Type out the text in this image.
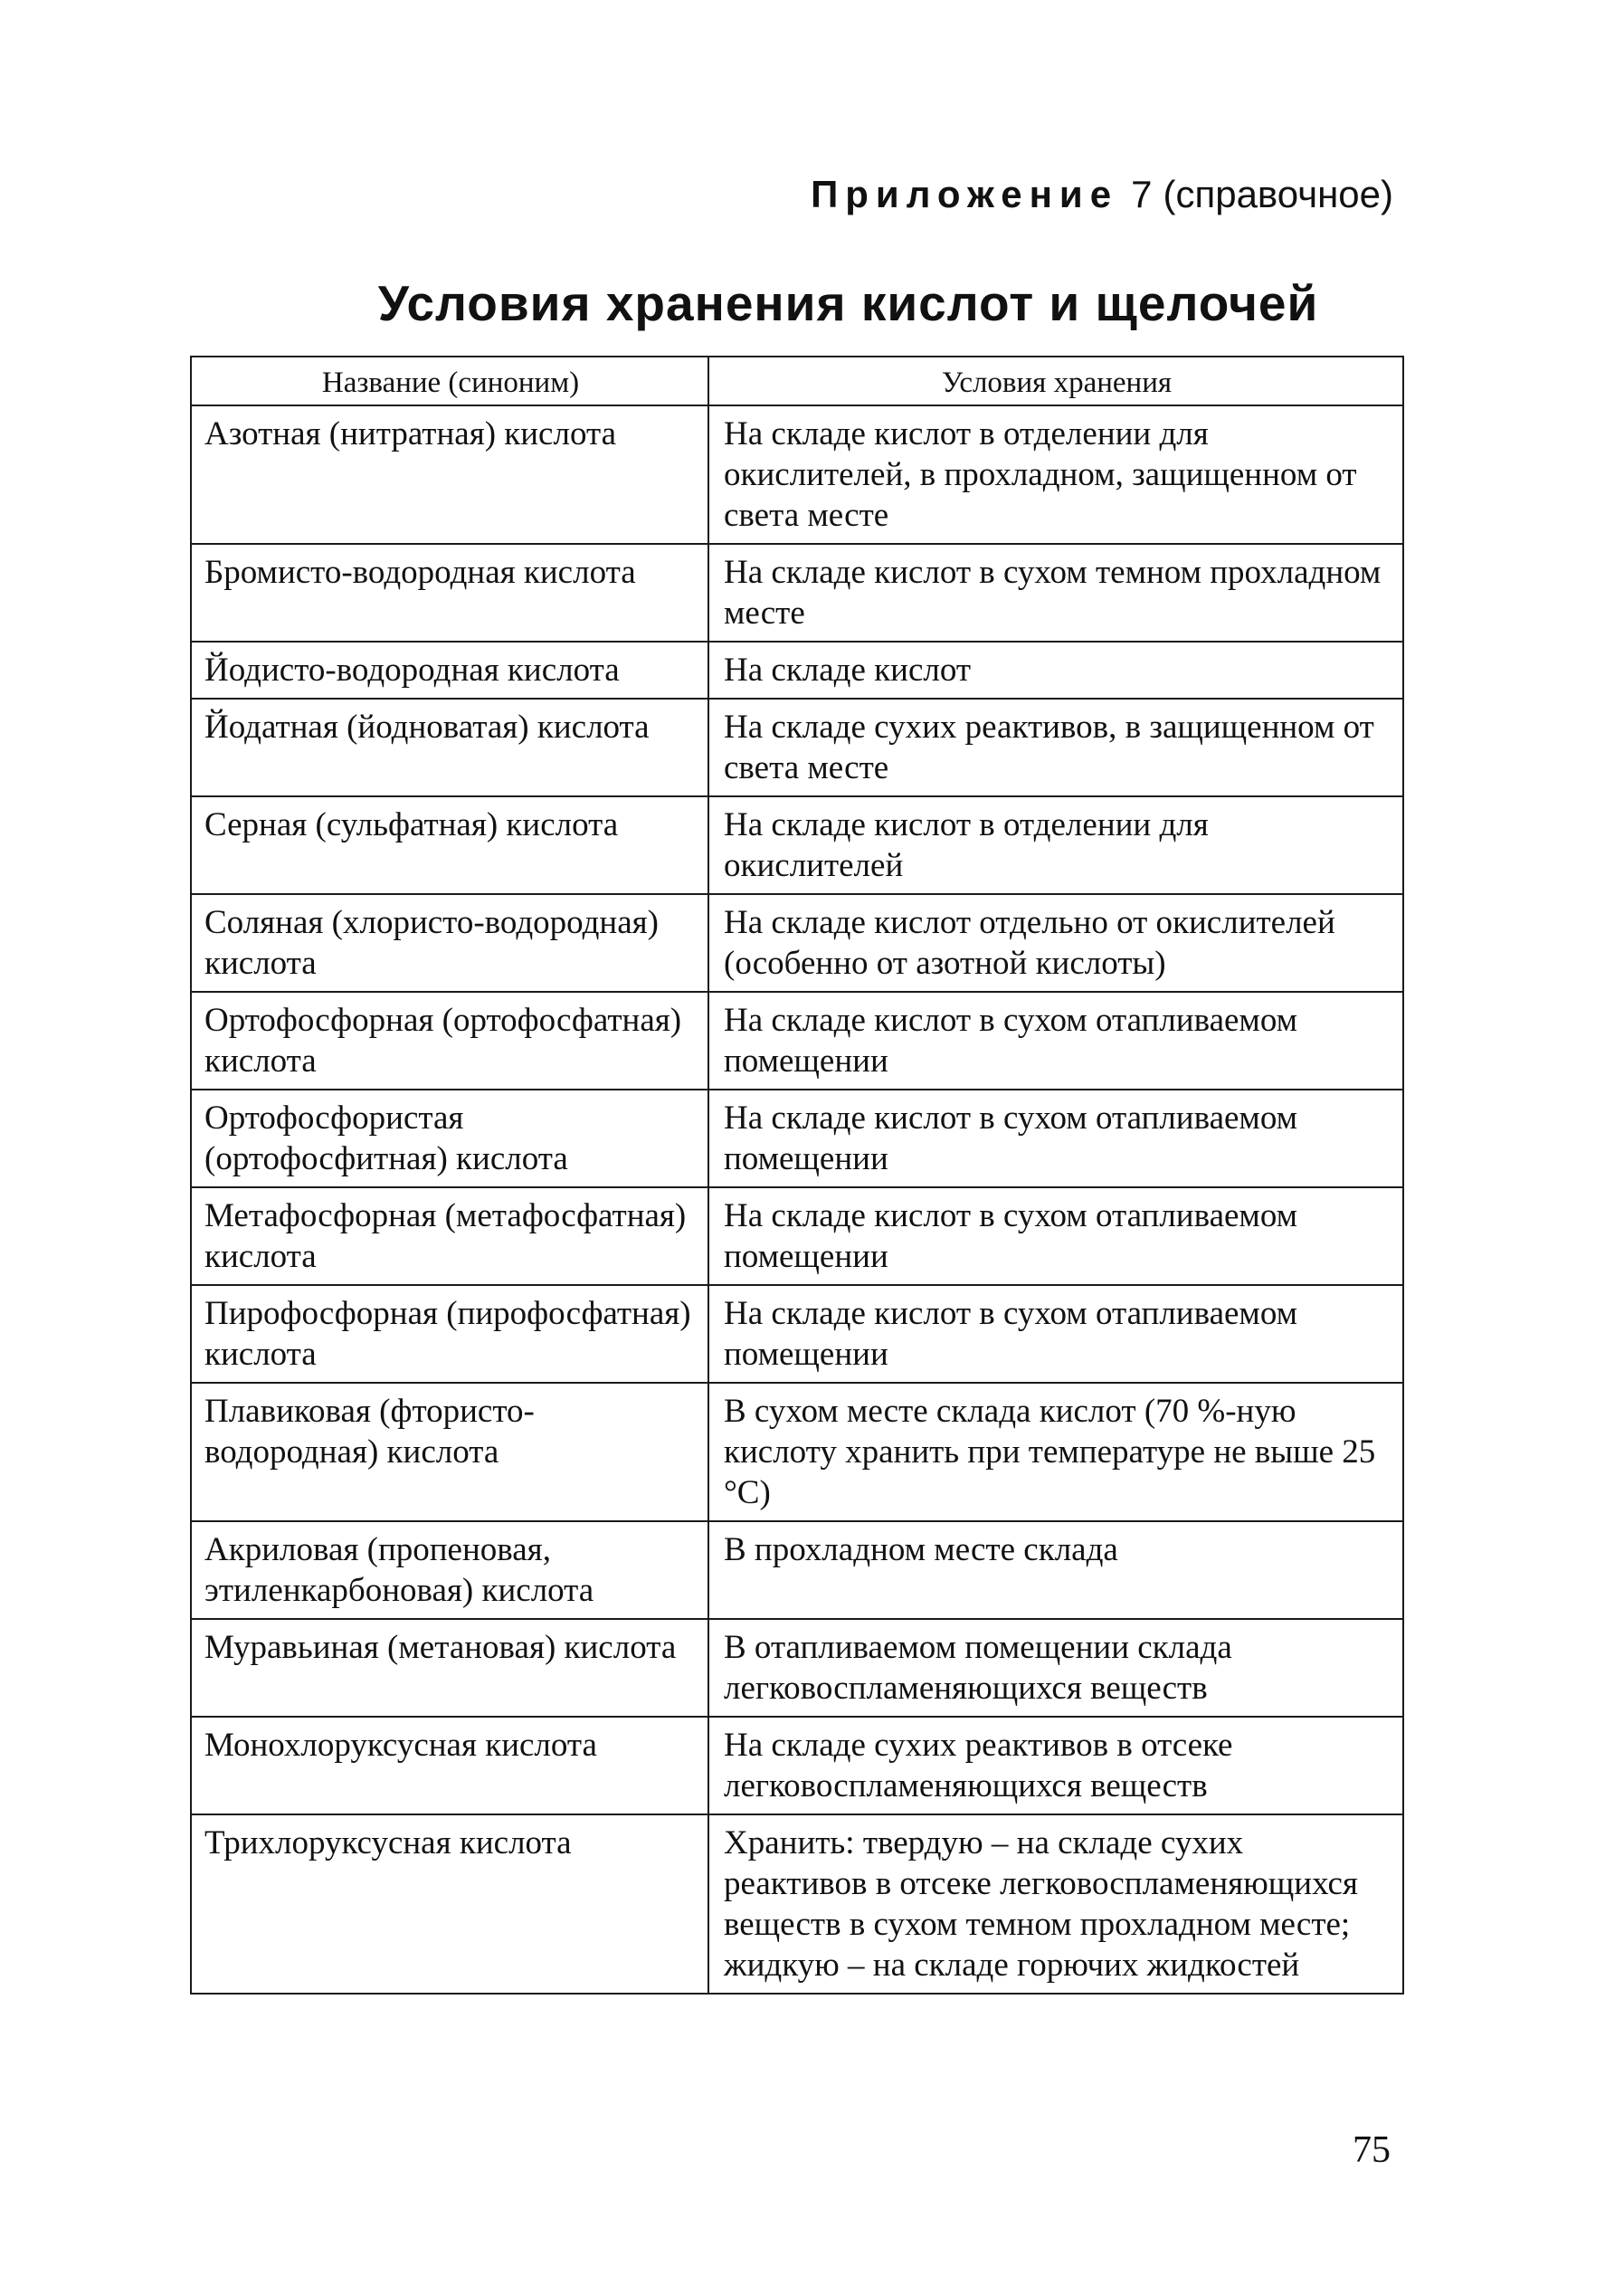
Приложение 7 (справочное)
Условия хранения кислот и щелочей
Название (синоним)	Условия хранения
Азотная (нитратная) кислота	На складе кислот в отделении для окислителей, в прохладном, защищенном от света месте
Бромисто-водородная кислота	На складе кислот в сухом темном прохладном месте
Йодисто-водородная кислота	На складе кислот
Йодатная (йодноватая) кислота	На складе сухих реактивов, в защищенном от света месте
Серная (сульфатная) кислота	На складе кислот в отделении для окислителей
Соляная (хлористо-водородная) кислота	На складе кислот отдельно от окислителей (особенно от азотной кислоты)
Ортофосфорная (ортофосфатная) кислота	На складе кислот в сухом отапливаемом помещении
Ортофосфористая (ортофосфитная) кислота	На складе кислот в сухом отапливаемом помещении
Метафосфорная (метафосфатная) кислота	На складе кислот в сухом отапливаемом помещении
Пирофосфорная (пирофосфатная) кислота	На складе кислот в сухом отапливаемом помещении
Плавиковая (фтористо-водородная) кислота	В сухом месте склада кислот (70 %-ную кислоту хранить при температуре не выше 25 °С)
Акриловая (пропеновая, этиленкарбоновая) кислота	В прохладном месте склада
Муравьиная (метановая) кислота	В отапливаемом помещении склада легковоспламеняющихся веществ
Монохлоруксусная кислота	На складе сухих реактивов в отсеке легковоспламеняющихся веществ
Трихлоруксусная кислота	Хранить: твердую – на складе сухих реактивов в отсеке легковоспламеняющихся веществ в сухом темном прохладном месте; жидкую – на складе горючих жидкостей
75
